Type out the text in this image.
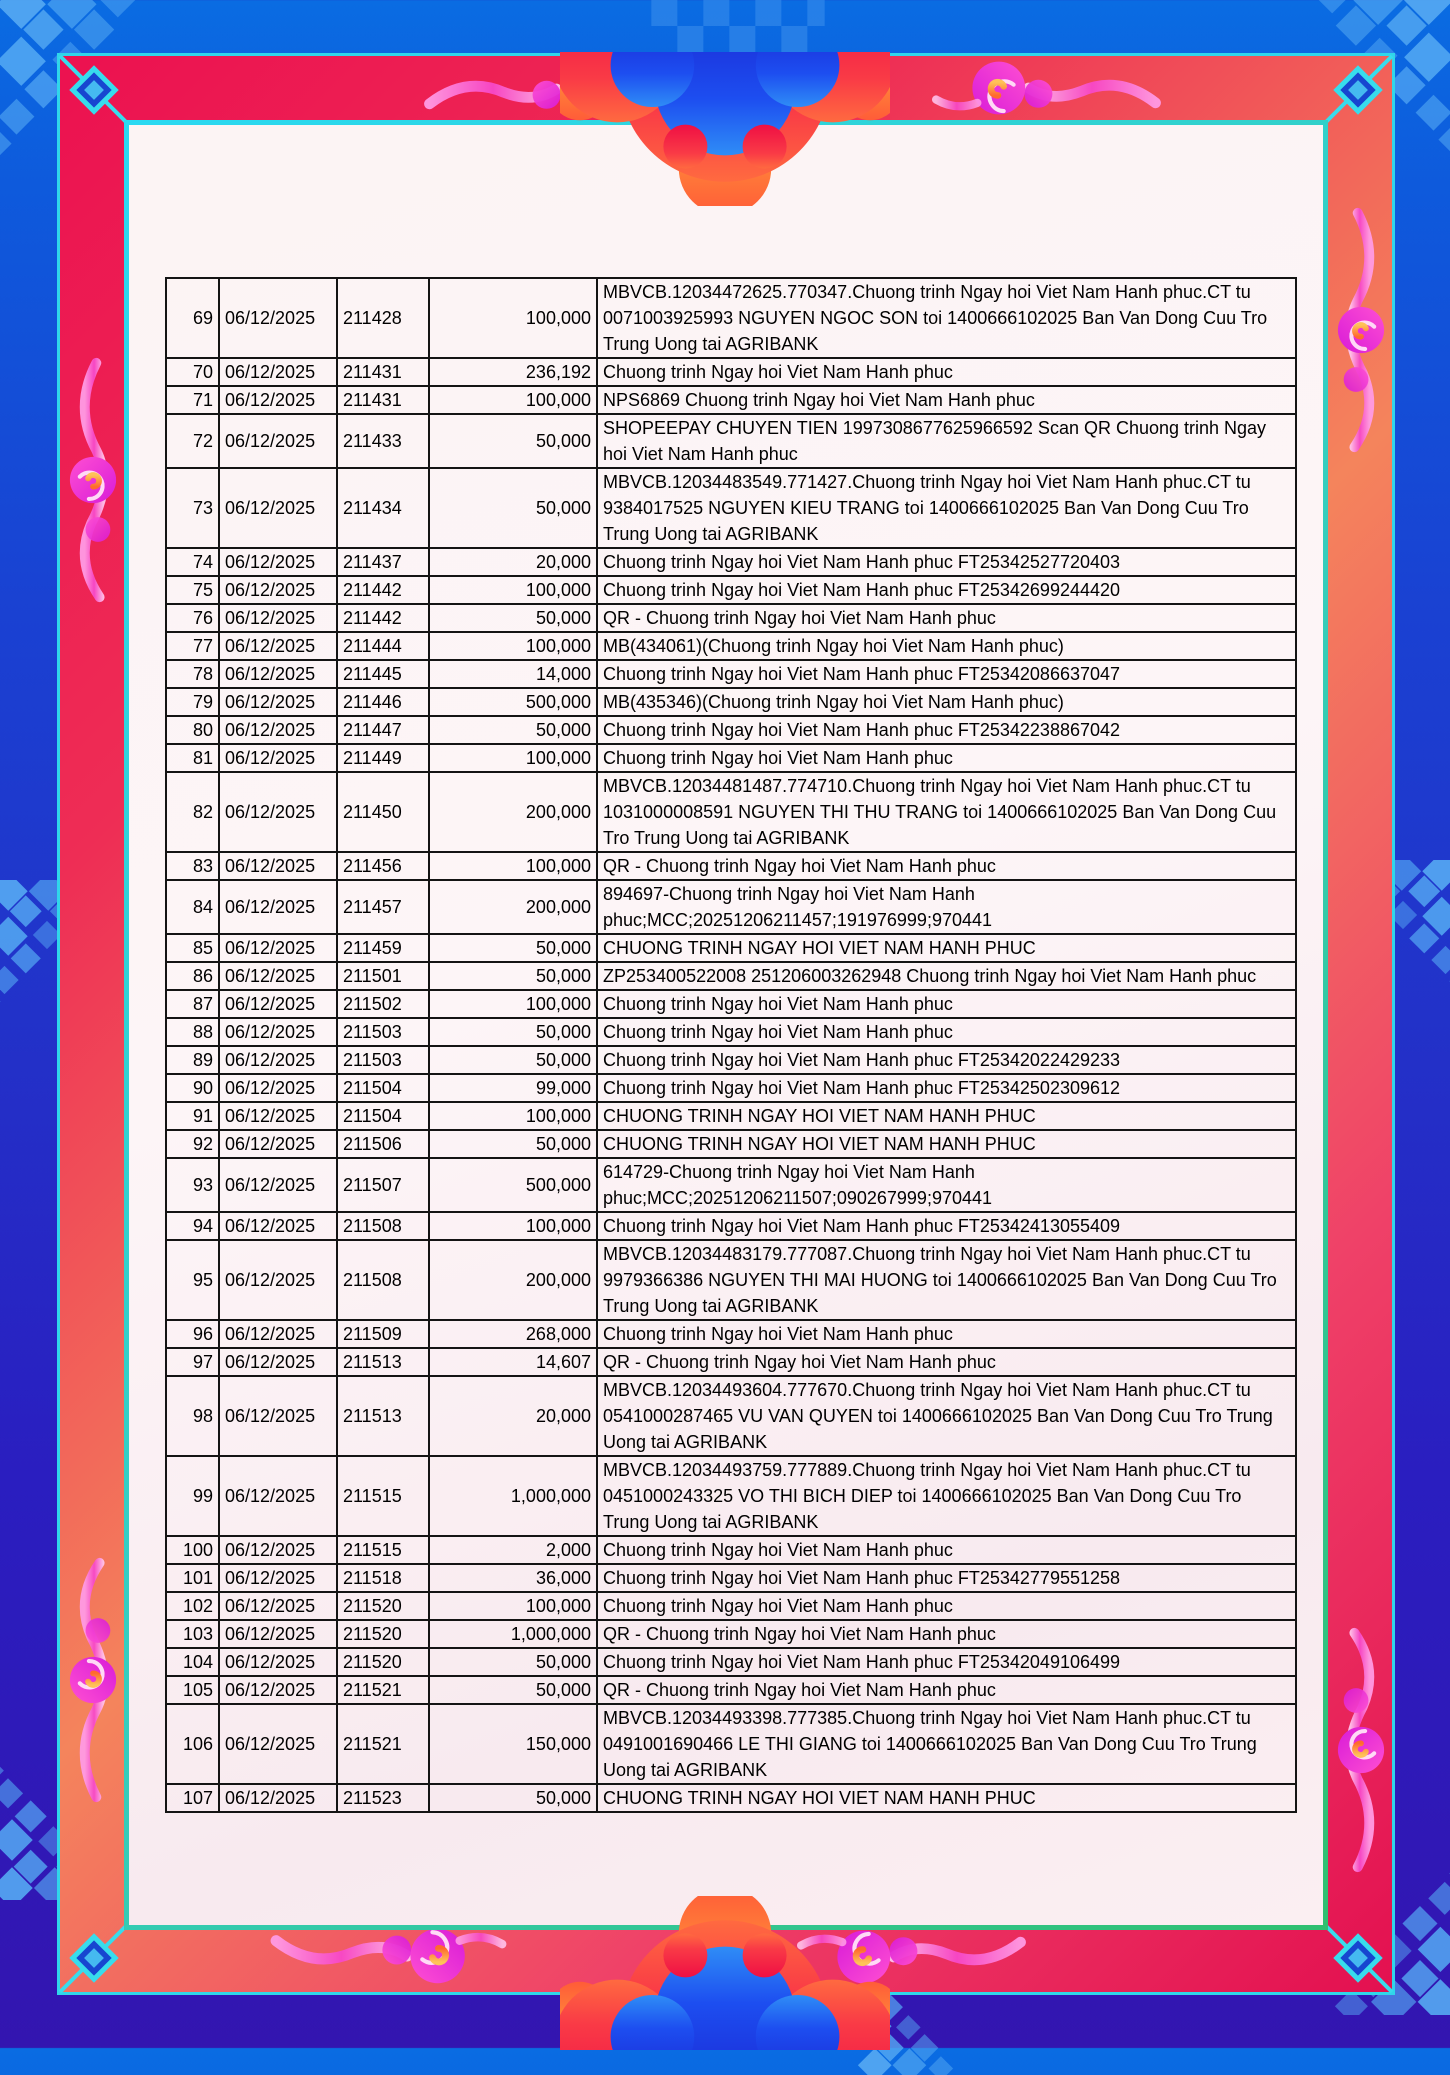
69	06/12/2025	211428	100,000	MBVCB.12034472625.770347.Chuong trinh Ngay hoi Viet Nam Hanh phuc.CT tu 0071003925993 NGUYEN NGOC SON toi 1400666102025 Ban Van Dong Cuu Tro Trung Uong tai AGRIBANK
70	06/12/2025	211431	236,192	Chuong trinh Ngay hoi Viet Nam Hanh phuc
71	06/12/2025	211431	100,000	NPS6869 Chuong trinh Ngay hoi Viet Nam Hanh phuc
72	06/12/2025	211433	50,000	SHOPEEPAY CHUYEN TIEN 1997308677625966592 Scan QR Chuong trinh Ngay hoi Viet Nam Hanh phuc
73	06/12/2025	211434	50,000	MBVCB.12034483549.771427.Chuong trinh Ngay hoi Viet Nam Hanh phuc.CT tu 9384017525 NGUYEN KIEU TRANG toi 1400666102025 Ban Van Dong Cuu Tro Trung Uong tai AGRIBANK
74	06/12/2025	211437	20,000	Chuong trinh Ngay hoi Viet Nam Hanh phuc FT25342527720403
75	06/12/2025	211442	100,000	Chuong trinh Ngay hoi Viet Nam Hanh phuc FT25342699244420
76	06/12/2025	211442	50,000	QR - Chuong trinh Ngay hoi Viet Nam Hanh phuc
77	06/12/2025	211444	100,000	MB(434061)(Chuong trinh Ngay hoi Viet Nam Hanh phuc)
78	06/12/2025	211445	14,000	Chuong trinh Ngay hoi Viet Nam Hanh phuc FT25342086637047
79	06/12/2025	211446	500,000	MB(435346)(Chuong trinh Ngay hoi Viet Nam Hanh phuc)
80	06/12/2025	211447	50,000	Chuong trinh Ngay hoi Viet Nam Hanh phuc FT25342238867042
81	06/12/2025	211449	100,000	Chuong trinh Ngay hoi Viet Nam Hanh phuc
82	06/12/2025	211450	200,000	MBVCB.12034481487.774710.Chuong trinh Ngay hoi Viet Nam Hanh phuc.CT tu 1031000008591 NGUYEN THI THU TRANG toi 1400666102025 Ban Van Dong Cuu Tro Trung Uong tai AGRIBANK
83	06/12/2025	211456	100,000	QR - Chuong trinh Ngay hoi Viet Nam Hanh phuc
84	06/12/2025	211457	200,000	894697-Chuong trinh Ngay hoi Viet Nam Hanh phuc;MCC;20251206211457;191976999;970441
85	06/12/2025	211459	50,000	CHUONG TRINH NGAY HOI VIET NAM HANH PHUC
86	06/12/2025	211501	50,000	ZP253400522008 251206003262948 Chuong trinh Ngay hoi Viet Nam Hanh phuc
87	06/12/2025	211502	100,000	Chuong trinh Ngay hoi Viet Nam Hanh phuc
88	06/12/2025	211503	50,000	Chuong trinh Ngay hoi Viet Nam Hanh phuc
89	06/12/2025	211503	50,000	Chuong trinh Ngay hoi Viet Nam Hanh phuc FT25342022429233
90	06/12/2025	211504	99,000	Chuong trinh Ngay hoi Viet Nam Hanh phuc FT25342502309612
91	06/12/2025	211504	100,000	CHUONG TRINH NGAY HOI VIET NAM HANH PHUC
92	06/12/2025	211506	50,000	CHUONG TRINH NGAY HOI VIET NAM HANH PHUC
93	06/12/2025	211507	500,000	614729-Chuong trinh Ngay hoi Viet Nam Hanh phuc;MCC;20251206211507;090267999;970441
94	06/12/2025	211508	100,000	Chuong trinh Ngay hoi Viet Nam Hanh phuc FT25342413055409
95	06/12/2025	211508	200,000	MBVCB.12034483179.777087.Chuong trinh Ngay hoi Viet Nam Hanh phuc.CT tu 9979366386 NGUYEN THI MAI HUONG toi 1400666102025 Ban Van Dong Cuu Tro Trung Uong tai AGRIBANK
96	06/12/2025	211509	268,000	Chuong trinh Ngay hoi Viet Nam Hanh phuc
97	06/12/2025	211513	14,607	QR - Chuong trinh Ngay hoi Viet Nam Hanh phuc
98	06/12/2025	211513	20,000	MBVCB.12034493604.777670.Chuong trinh Ngay hoi Viet Nam Hanh phuc.CT tu 0541000287465 VU VAN QUYEN toi 1400666102025 Ban Van Dong Cuu Tro Trung Uong tai AGRIBANK
99	06/12/2025	211515	1,000,000	MBVCB.12034493759.777889.Chuong trinh Ngay hoi Viet Nam Hanh phuc.CT tu 0451000243325 VO THI BICH DIEP toi 1400666102025 Ban Van Dong Cuu Tro Trung Uong tai AGRIBANK
100	06/12/2025	211515	2,000	Chuong trinh Ngay hoi Viet Nam Hanh phuc
101	06/12/2025	211518	36,000	Chuong trinh Ngay hoi Viet Nam Hanh phuc FT25342779551258
102	06/12/2025	211520	100,000	Chuong trinh Ngay hoi Viet Nam Hanh phuc
103	06/12/2025	211520	1,000,000	QR - Chuong trinh Ngay hoi Viet Nam Hanh phuc
104	06/12/2025	211520	50,000	Chuong trinh Ngay hoi Viet Nam Hanh phuc FT25342049106499
105	06/12/2025	211521	50,000	QR - Chuong trinh Ngay hoi Viet Nam Hanh phuc
106	06/12/2025	211521	150,000	MBVCB.12034493398.777385.Chuong trinh Ngay hoi Viet Nam Hanh phuc.CT tu 0491001690466 LE THI GIANG toi 1400666102025 Ban Van Dong Cuu Tro Trung Uong tai AGRIBANK
107	06/12/2025	211523	50,000	CHUONG TRINH NGAY HOI VIET NAM HANH PHUC
